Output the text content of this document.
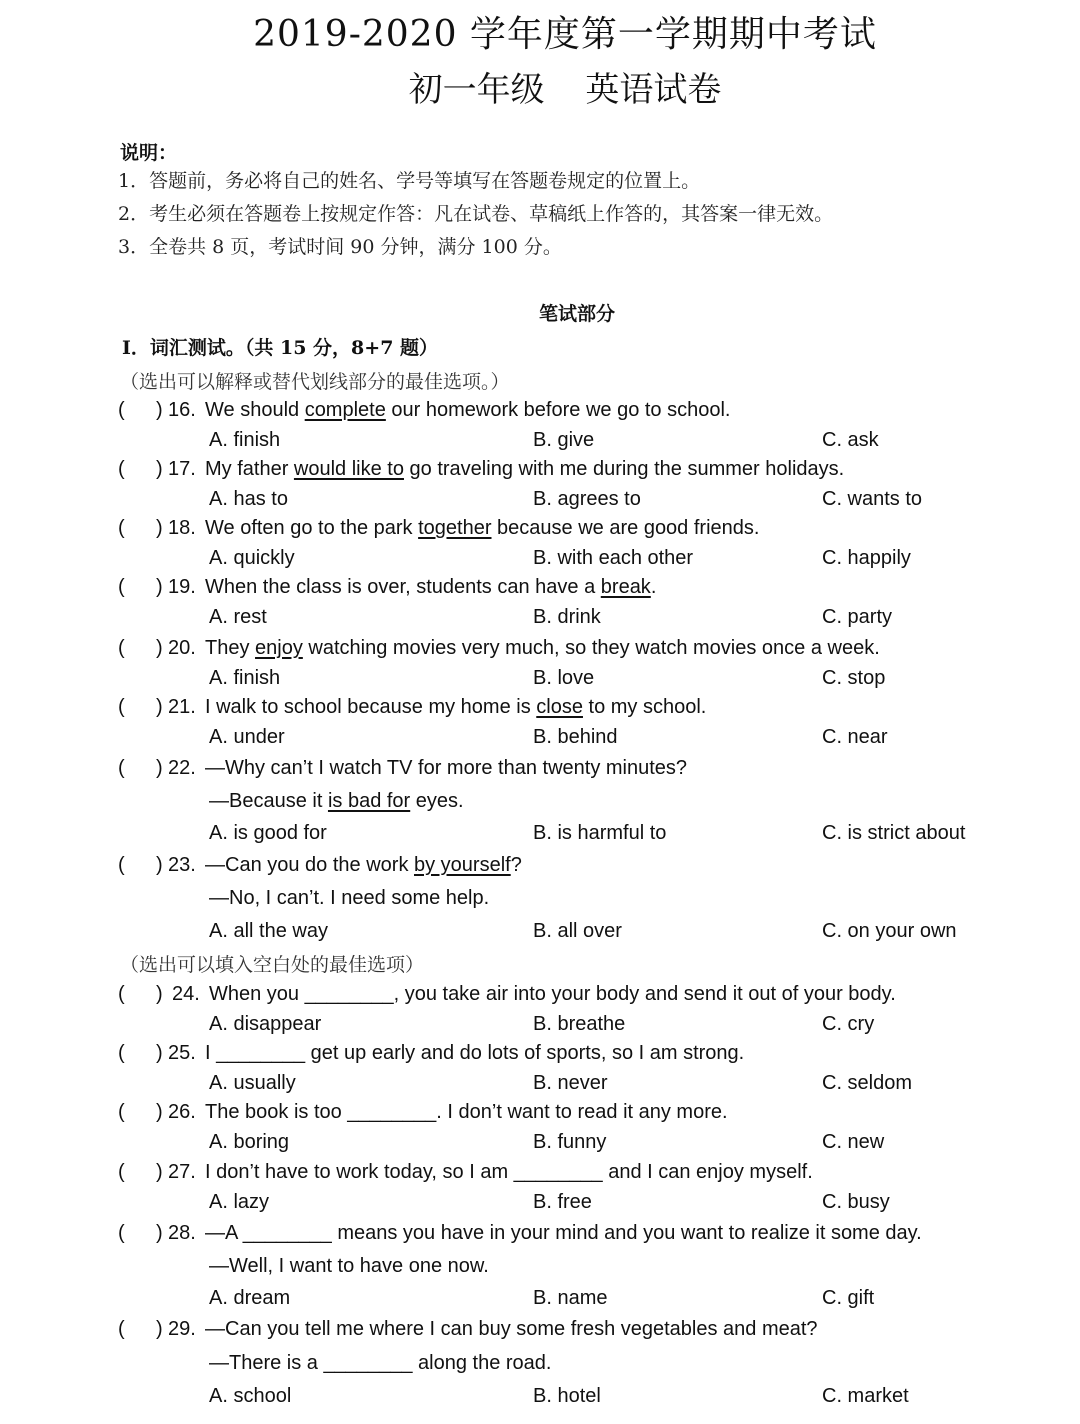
2019-2020 学年度第一学期期中考试
初一年级 英语试卷
说明：
1．答题前，务必将自己的姓名、学号等填写在答题卷规定的位置上。
2．考生必须在答题卷上按规定作答：凡在试卷、草稿纸上作答的，其答案一律无效。
3．全卷共 8 页，考试时间 90 分钟，满分 100 分。
笔试部分
Ⅰ．词汇测试。（共 15 分，8+7 题）
（选出可以解释或替代划线部分的最佳选项。）
（选出可以填入空白处的最佳选项）
( ) 16. We should complete our homework before we go to school.
A. finish	B. give	C. ask
( ) 17. My father would like to go traveling with me during the summer holidays.
A. has to	B. agrees to	C. wants to
( ) 18. We often go to the park together because we are good friends.
A. quickly	B. with each other	C. happily
( ) 19. When the class is over, students can have a break.
A. rest	B. drink	C. party
( ) 20. They enjoy watching movies very much, so they watch movies once a week.
A. finish	B. love	C. stop
( ) 21. I walk to school because my home is close to my school.
A. under	B. behind	C. near
( ) 22. —Why can’t I watch TV for more than twenty minutes?
—Because it is bad for eyes.
A. is good for	B. is harmful to	C. is strict about
( ) 23. —Can you do the work by yourself?
—No, I can’t. I need some help.
A. all the way	B. all over	C. on your own
( ) 24. When you ________, you take air into your body and send it out of your body.
A. disappear	B. breathe	C. cry
( ) 25. I ________ get up early and do lots of sports, so I am strong.
A. usually	B. never	C. seldom
( ) 26. The book is too ________. I don’t want to read it any more.
A. boring	B. funny	C. new
( ) 27. I don’t have to work today, so I am ________ and I can enjoy myself.
A. lazy	B. free	C. busy
( ) 28. —A ________ means you have in your mind and you want to realize it some day.
—Well, I want to have one now.
A. dream	B. name	C. gift
( ) 29. —Can you tell me where I can buy some fresh vegetables and meat?
—There is a ________ along the road.
A. school	B. hotel	C. market
